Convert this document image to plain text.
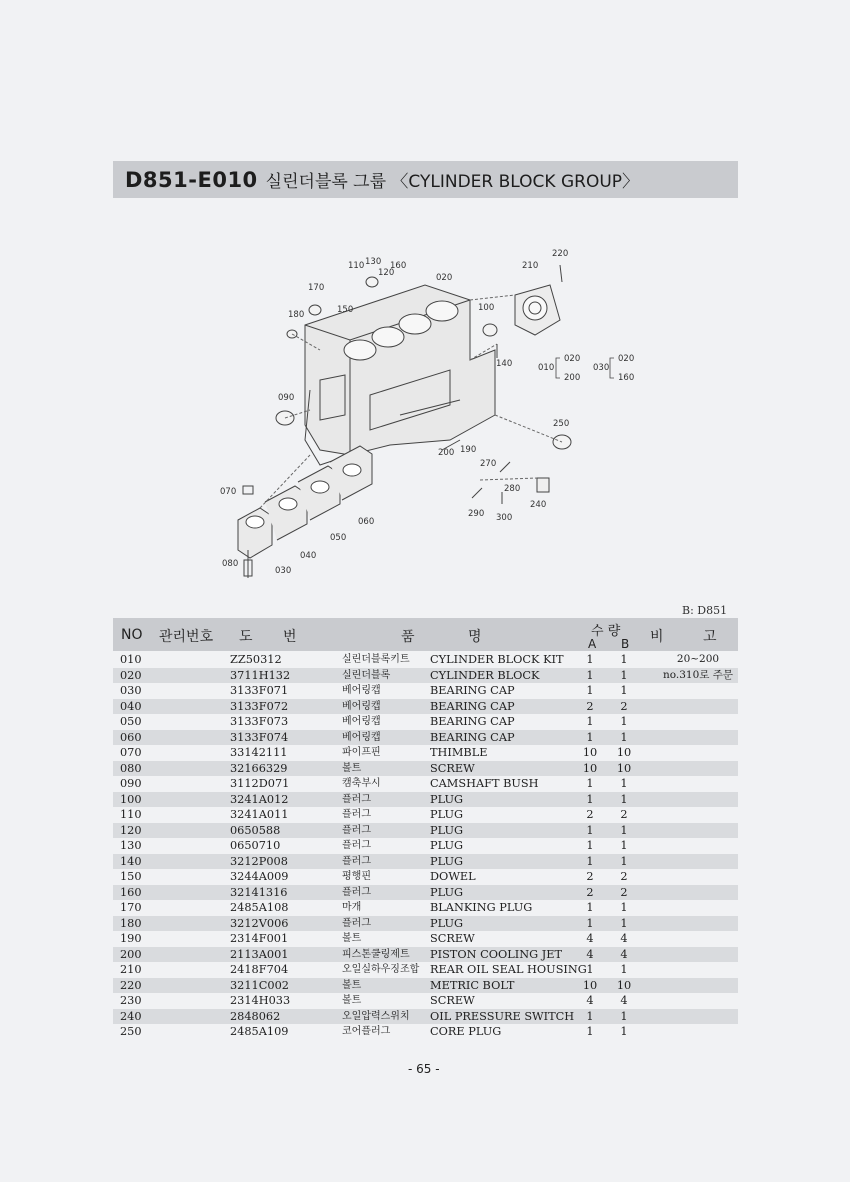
D851-E010 실린더블록 그룹 〈CYLINDER BLOCK GROUP〉
110 130 160
120
170
020
150
180
100
140
210
220
090
250
200 190
270
280
240
290 300
070
060
050
040
030
080
010
020
200
030
020
160
B: D851
NO 관리번호 도 번	품	명	수 량
A B 비	고
010	ZZ50312	실린더블록키트 CYLINDER BLOCK KIT	1	1	20~200
020	3711H132	실린더블록	CYLINDER BLOCK	1	1	no.310로 주문
030	3133F071	베어링캡	BEARING CAP	1	1
040	3133F072	베어링캡	BEARING CAP	2	2
050	3133F073	베어링캡	BEARING CAP	1	1
060	3133F074	베어링캡	BEARING CAP	1	1
070	33142111	파이프핀	THIMBLE	10	10
080	32166329	볼트	SCREW	10	10
090	3112D071	캠축부시	CAMSHAFT BUSH	1	1
100	3241A012	플러그	PLUG	1	1
110	3241A011	플러그	PLUG	2	2
120	0650588	플러그	PLUG	1	1
130	0650710	플러그	PLUG	1	1
140	3212P008	플러그	PLUG	1	1
150	3244A009	평행핀	DOWEL	2	2
160	32141316	플러그	PLUG	2	2
170	2485A108	마개	BLANKING PLUG	1	1
180	3212V006	플러그	PLUG	1	1
190	2314F001	볼트	SCREW	4	4
200	2113A001	피스톤쿨링제트 PISTON COOLING JET	4	4
210	2418F704	오일실하우징조합 REAR OIL SEAL HOUSING 1	1
220	3211C002	볼트	METRIC BOLT	10	10
230	2314H033	볼트	SCREW	4	4
240	2848062	오일압력스위치 OIL PRESSURE SWITCH	1	1
250	2485A109	코어플러그	CORE PLUG	1	1
- 65 -
